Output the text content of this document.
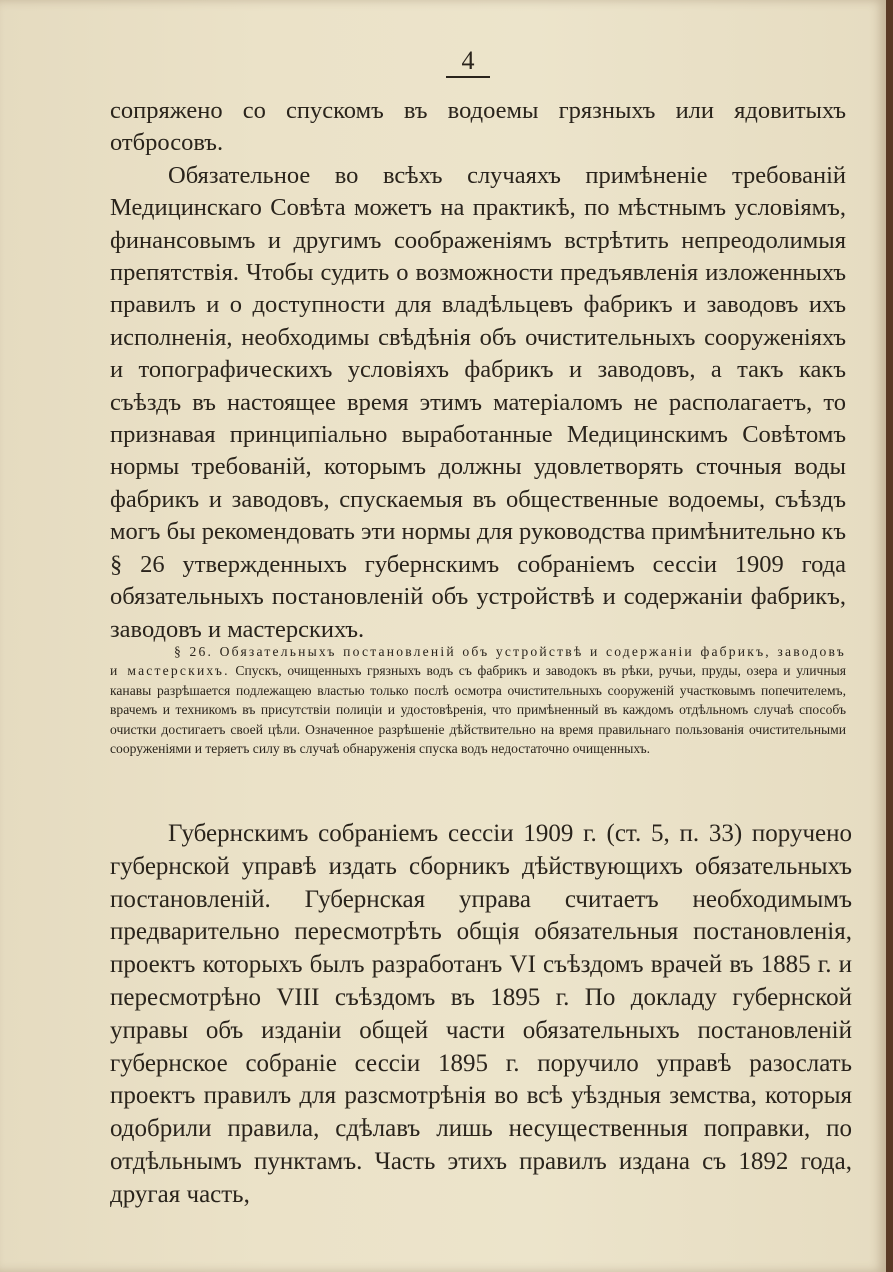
4

сопряжено со спускомъ въ водоемы грязныхъ или ядовитыхъ отбросовъ.

Обязательное во всѣхъ случаяхъ примѣненіе требованій Медицинскаго Совѣта можетъ на практикѣ, по мѣстнымъ условіямъ, финансовымъ и другимъ соображеніямъ встрѣтить непреодолимыя препятствія. Чтобы судить о возможности предъявленія изложенныхъ правилъ и о доступности для владѣльцевъ фабрикъ и заводовъ ихъ исполненія, необходимы свѣдѣнія объ очистительныхъ сооруженіяхъ и топографическихъ условіяхъ фабрикъ и заводовъ, а такъ какъ съѣздъ въ настоящее время этимъ матеріаломъ не располагаетъ, то признавая принципіально выработанные Медицинскимъ Совѣтомъ нормы требованій, которымъ должны удовлетворять сточныя воды фабрикъ и заводовъ, спускаемыя въ общественные водоемы, съѣздъ могъ бы рекомендовать эти нормы для руководства примѣнительно къ § 26 утвержденныхъ губернскимъ собраніемъ сессіи 1909 года обязательныхъ постановленій объ устройствѣ и содержаніи фабрикъ, заводовъ и мастерскихъ.

§ 26. Обязательныхъ постановленій объ устройствѣ и содержаніи фабрикъ, заводовъ и мастерскихъ. Спускъ, очищенныхъ грязныхъ водъ съ фабрикъ и заводокъ въ рѣки, ручьи, пруды, озера и уличныя канавы разрѣшается подлежащею властью только послѣ осмотра очистительныхъ сооруженій участковымъ попечителемъ, врачемъ и техникомъ въ присутствіи полиціи и удостовѣренія, что примѣненный въ каждомъ отдѣльномъ случаѣ способъ очистки достигаетъ своей цѣли. Означенное разрѣшеніе дѣйствительно на время правильнаго пользованія очистительными сооруженіями и теряетъ силу въ случаѣ обнаруженія спуска водъ недостаточно очищенныхъ.

Губернскимъ собраніемъ сессіи 1909 г. (ст. 5, п. 33) поручено губернской управѣ издать сборникъ дѣйствующихъ обязательныхъ постановленій. Губернская управа считаетъ необходимымъ предварительно пересмотрѣть общія обязательныя постановленія, проектъ которыхъ былъ разработанъ VI съѣздомъ врачей въ 1885 г. и пересмотрѣно VIII съѣздомъ въ 1895 г. По докладу губернской управы объ изданіи общей части обязательныхъ постановленій губернское собраніе сессіи 1895 г. поручило управѣ разослать проектъ правилъ для разсмотрѣнія во всѣ уѣздныя земства, которыя одобрили правила, сдѣлавъ лишь несущественныя поправки, по отдѣльнымъ пунктамъ. Часть этихъ правилъ издана съ 1892 года, другая часть,
